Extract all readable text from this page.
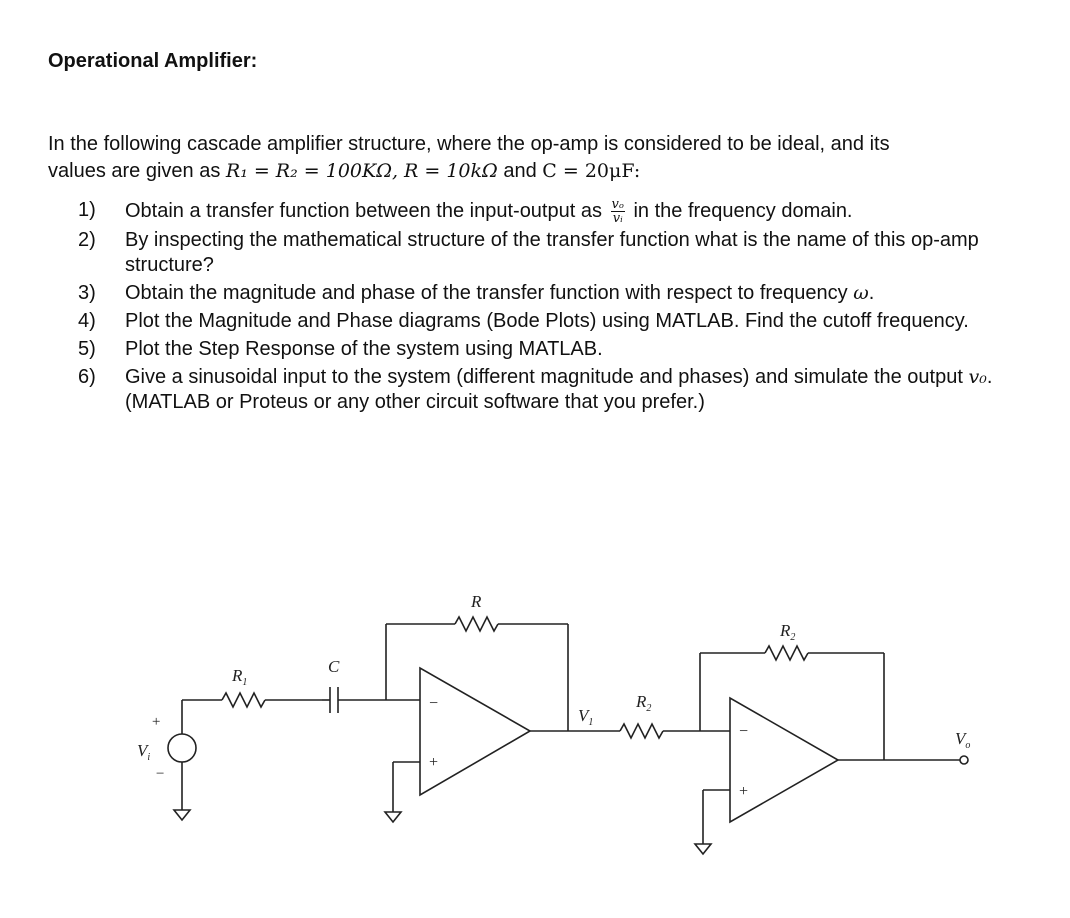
Operational Amplifier:
In the following cascade amplifier structure, where the op-amp is considered to be ideal, and its
values are given as R₁ = R₂ = 100KΩ, R = 10kΩ and C = 20μF:
1) Obtain a transfer function between the input-output as $\frac{\text{vₒ}}{\text{vᵢ}}$ in the frequency domain.
2) By inspecting the mathematical structure of the transfer function what is the name of this op-amp structure?
3) Obtain the magnitude and phase of the transfer function with respect to frequency ω.
4) Plot the Magnitude and Phase diagrams (Bode Plots) using MATLAB. Find the cutoff frequency.
5) Plot the Step Response of the system using MATLAB.
6) Give a sinusoidal input to the system (different magnitude and phases) and simulate the output v₀. (MATLAB or Proteus or any other circuit software that you prefer.)
+
−
$V_i$
$R_1$
C
−
+
R
$V_1$
$R_2$
−
+
$R_2$
$V_o$
